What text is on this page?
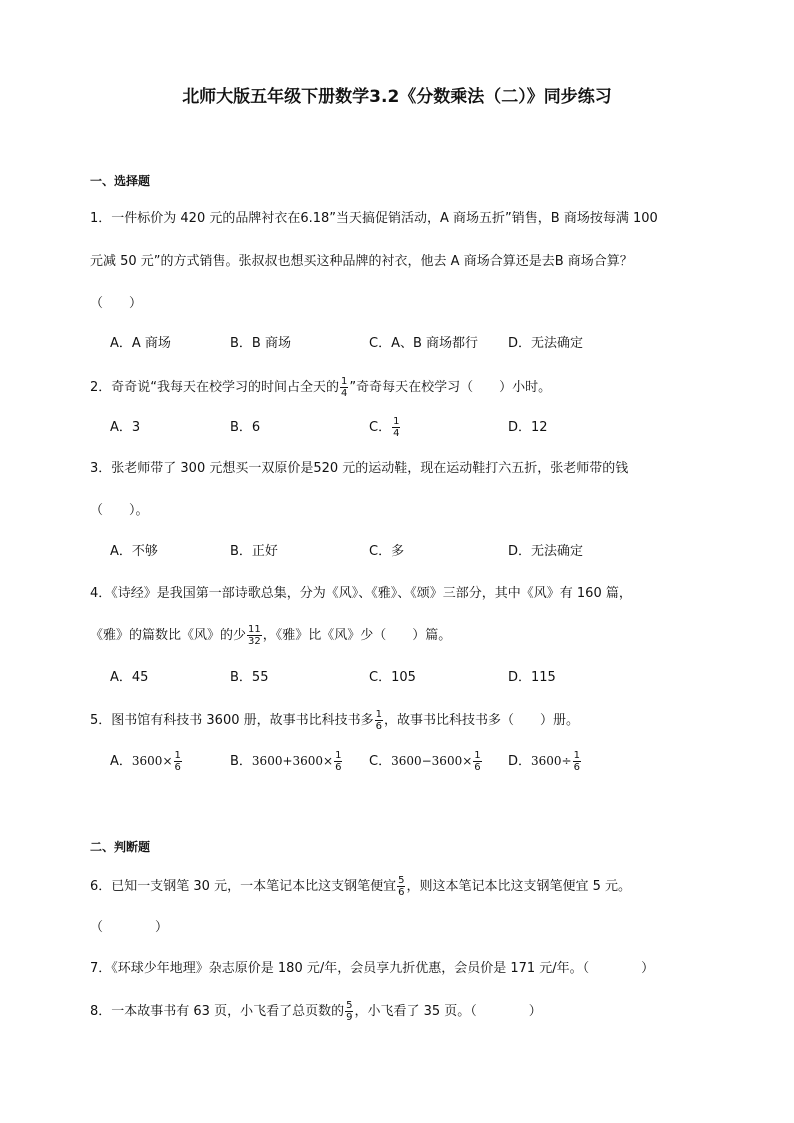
北师大版五年级下册数学3.2《分数乘法（二）》同步练习
一、选择题
1．一件标价为 420 元的品牌衬衣在6.18”当天搞促销活动，A 商场五折”销售，B 商场按每满 100
元减 50 元”的方式销售。张叔叔也想买这种品牌的衬衣，他去 A 商场合算还是去B 商场合算？
（　　）
A．A 商场	B．B 商场	C．A、B 商场都行 D．无法确定
2．奇奇说“我每天在校学习的时间占全天的 $\frac{1}{4}$ ”奇奇每天在校学习（　　）小时。
A．3	B．6	C． $\frac{1}{4}$	D．12
3．张老师带了 300 元想买一双原价是520 元的运动鞋，现在运动鞋打六五折，张老师带的钱
（　　）。
A．不够	B．正好	C．多	D．无法确定
4．《诗经》是我国第一部诗歌总集，分为《风》、《雅》、《颂》三部分，其中《风》有 160 篇，
《雅》的篇数比《风》的少 $\frac{11}{32}$ ，《雅》比《风》少（　　）篇。
A．45	B．55	C．105	D．115
5．图书馆有科技书 3600 册，故事书比科技书多 $\frac{1}{6}$ ，故事书比科技书多（　　）册。
A．$3600\times \frac{1}{6}$	B．$3600+3600\times \frac{1}{6}$ C．$3600-3600\times \frac{1}{6}$ D．$3600\div \frac{1}{6}$
二、判断题
6．已知一支钢笔 30 元，一本笔记本比这支钢笔便宜 $\frac{5}{6}$ ，则这本笔记本比这支钢笔便宜 5 元。
（　　　　）
7．《环球少年地理》杂志原价是 180 元/年，会员享九折优惠，会员价是 171 元/年。（　　　　）
8．一本故事书有 63 页，小飞看了总页数的 $\frac{5}{9}$ ，小飞看了 35 页。（　　　　）
